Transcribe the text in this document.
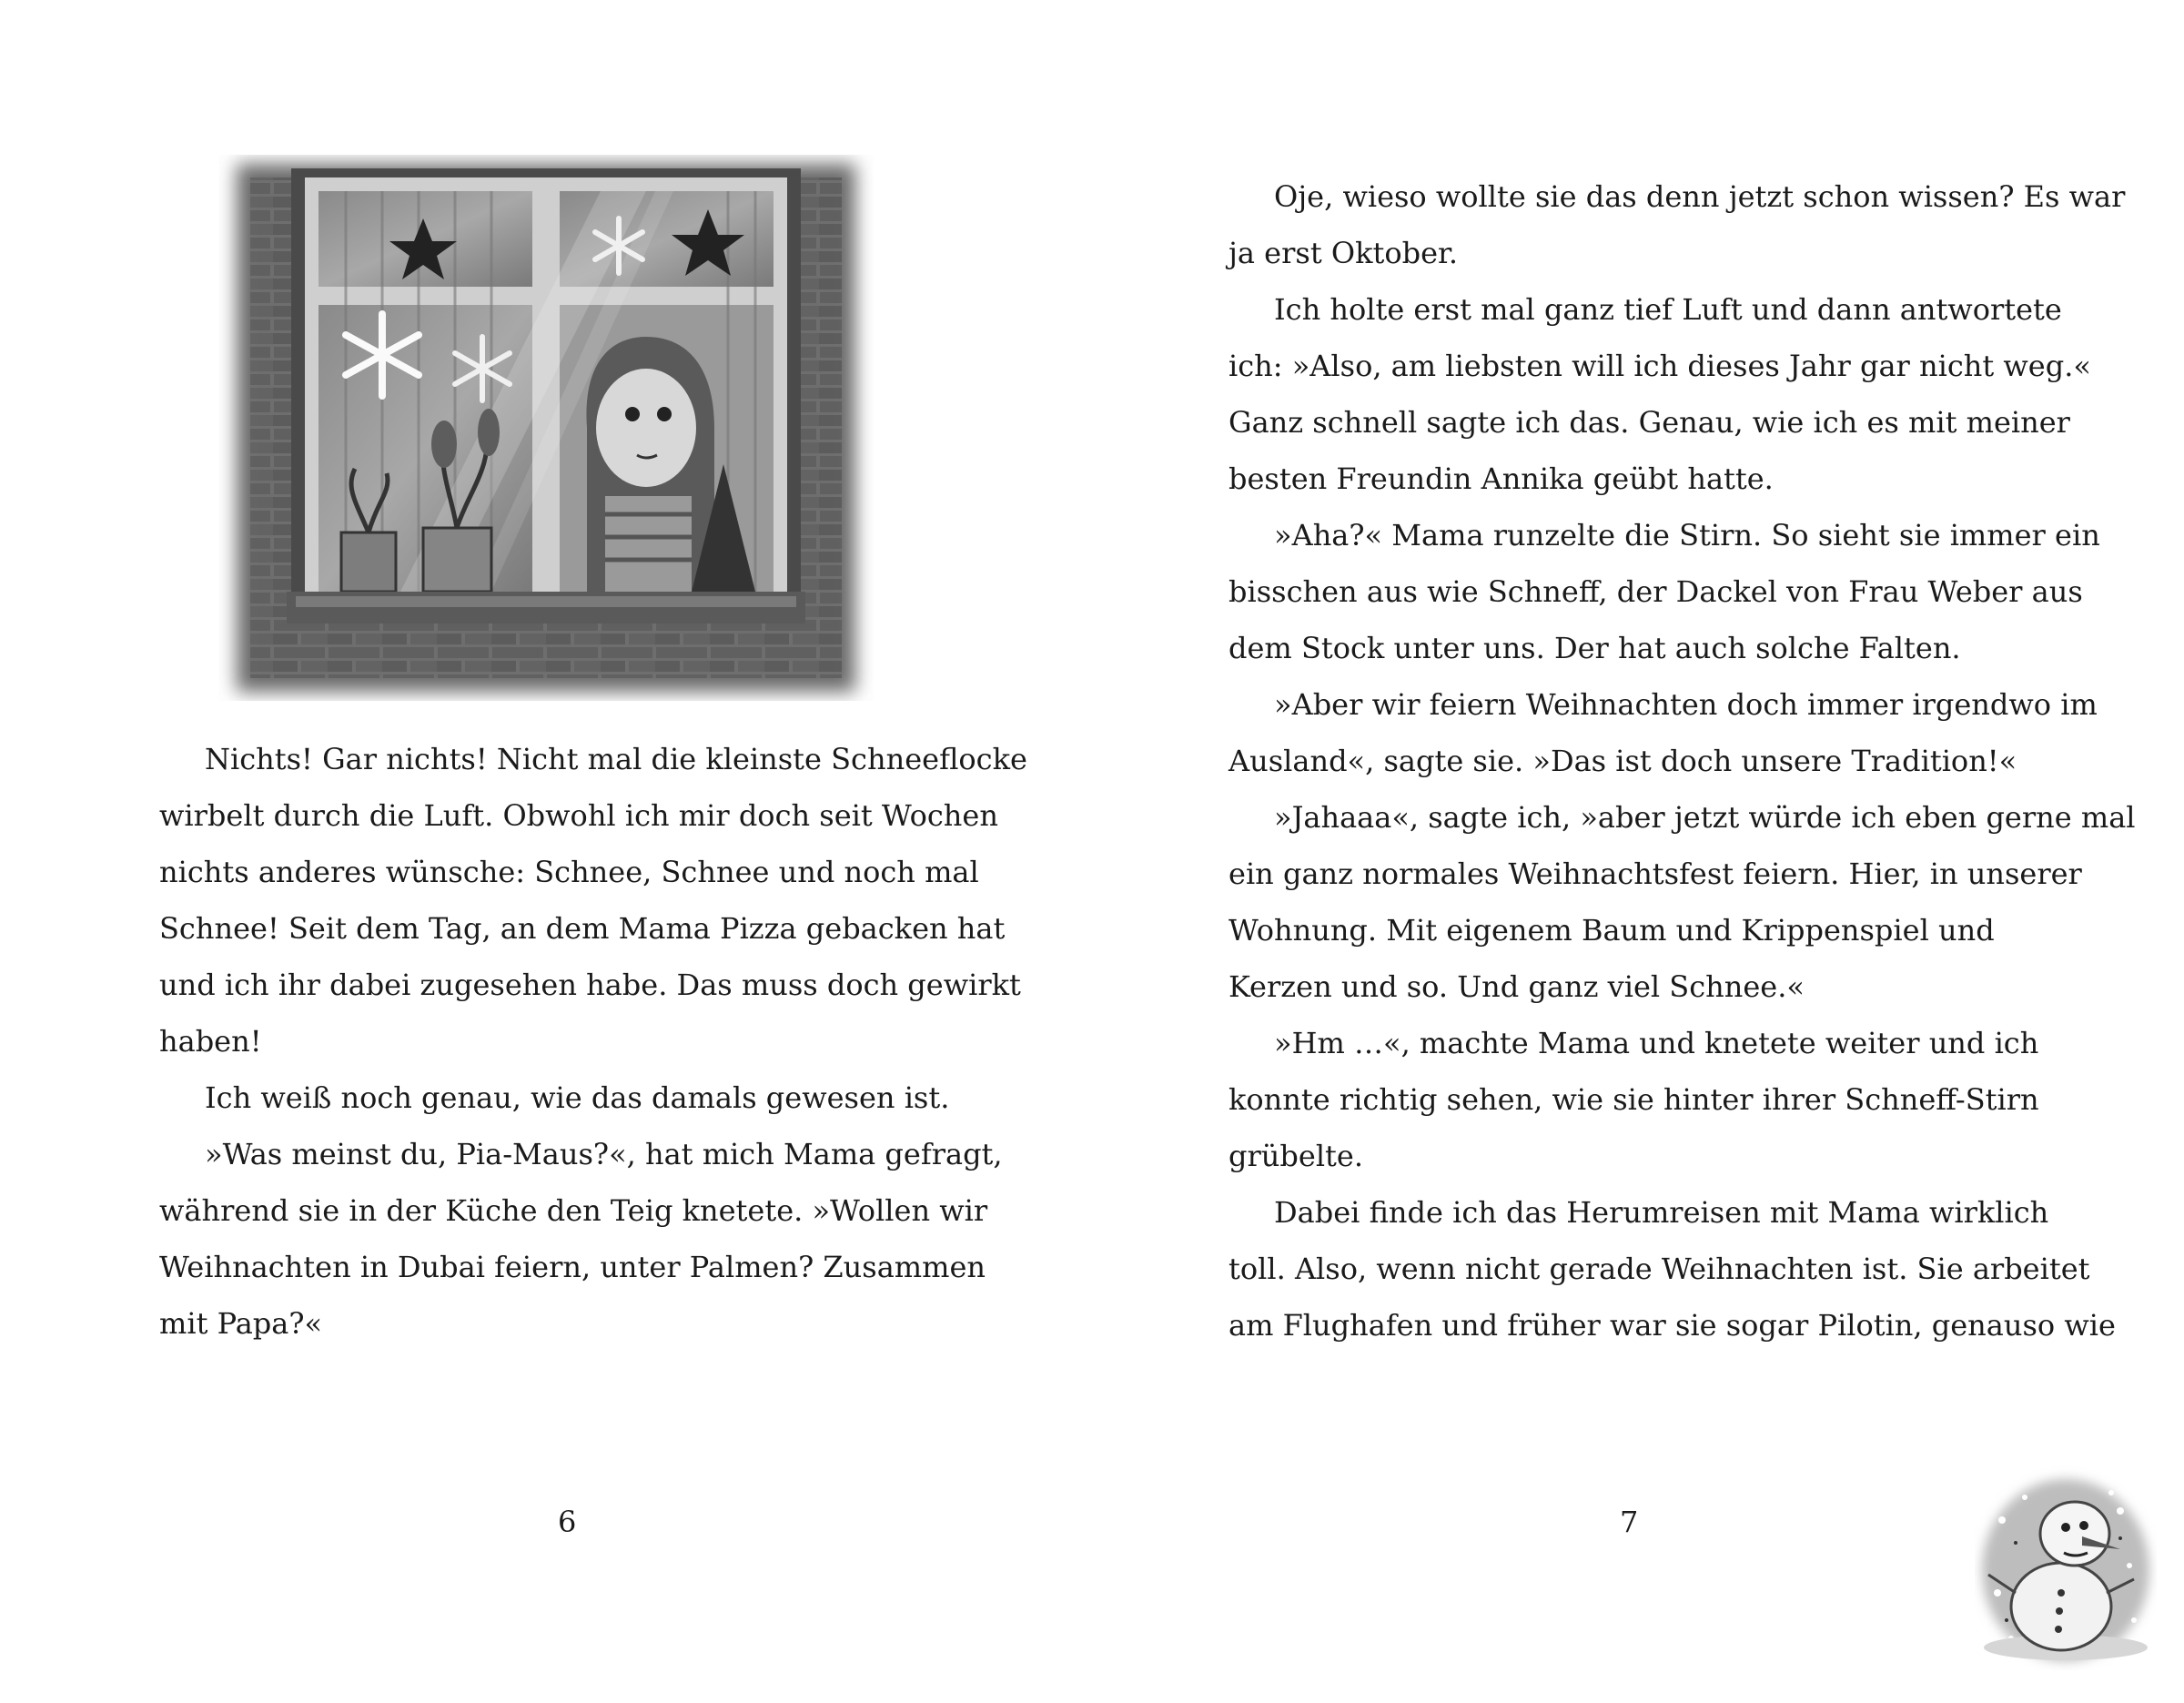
Nichts! Gar nichts! Nicht mal die kleinste Schneeflocke
wirbelt durch die Luft. Obwohl ich mir doch seit Wochen
nichts anderes wünsche: Schnee, Schnee und noch mal
Schnee! Seit dem Tag, an dem Mama Pizza gebacken hat
und ich ihr dabei zugesehen habe. Das muss doch gewirkt
haben!
Ich weiß noch genau, wie das damals gewesen ist.
»Was meinst du, Pia-Maus?«, hat mich Mama gefragt,
während sie in der Küche den Teig knetete. »Wollen wir
Weihnachten in Dubai feiern, unter Palmen? Zusammen
mit Papa?«
6
Oje, wieso wollte sie das denn jetzt schon wissen? Es war
ja erst Oktober.
Ich holte erst mal ganz tief Luft und dann antwortete
ich: »Also, am liebsten will ich dieses Jahr gar nicht weg.«
Ganz schnell sagte ich das. Genau, wie ich es mit meiner
besten Freundin Annika geübt hatte.
»Aha?« Mama runzelte die Stirn. So sieht sie immer ein
bisschen aus wie Schneff, der Dackel von Frau Weber aus
dem Stock unter uns. Der hat auch solche Falten.
»Aber wir feiern Weihnachten doch immer irgendwo im
Ausland«, sagte sie. »Das ist doch unsere Tradition!«
»Jahaaa«, sagte ich, »aber jetzt würde ich eben gerne mal
ein ganz normales Weihnachtsfest feiern. Hier, in unserer
Wohnung. Mit eigenem Baum und Krippenspiel und
Kerzen und so. Und ganz viel Schnee.«
»Hm …«, machte Mama und knetete weiter und ich
konnte richtig sehen, wie sie hinter ihrer Schneff-Stirn
grübelte.
Dabei finde ich das Herumreisen mit Mama wirklich
toll. Also, wenn nicht gerade Weihnachten ist. Sie arbeitet
am Flughafen und früher war sie sogar Pilotin, genauso wie
7
